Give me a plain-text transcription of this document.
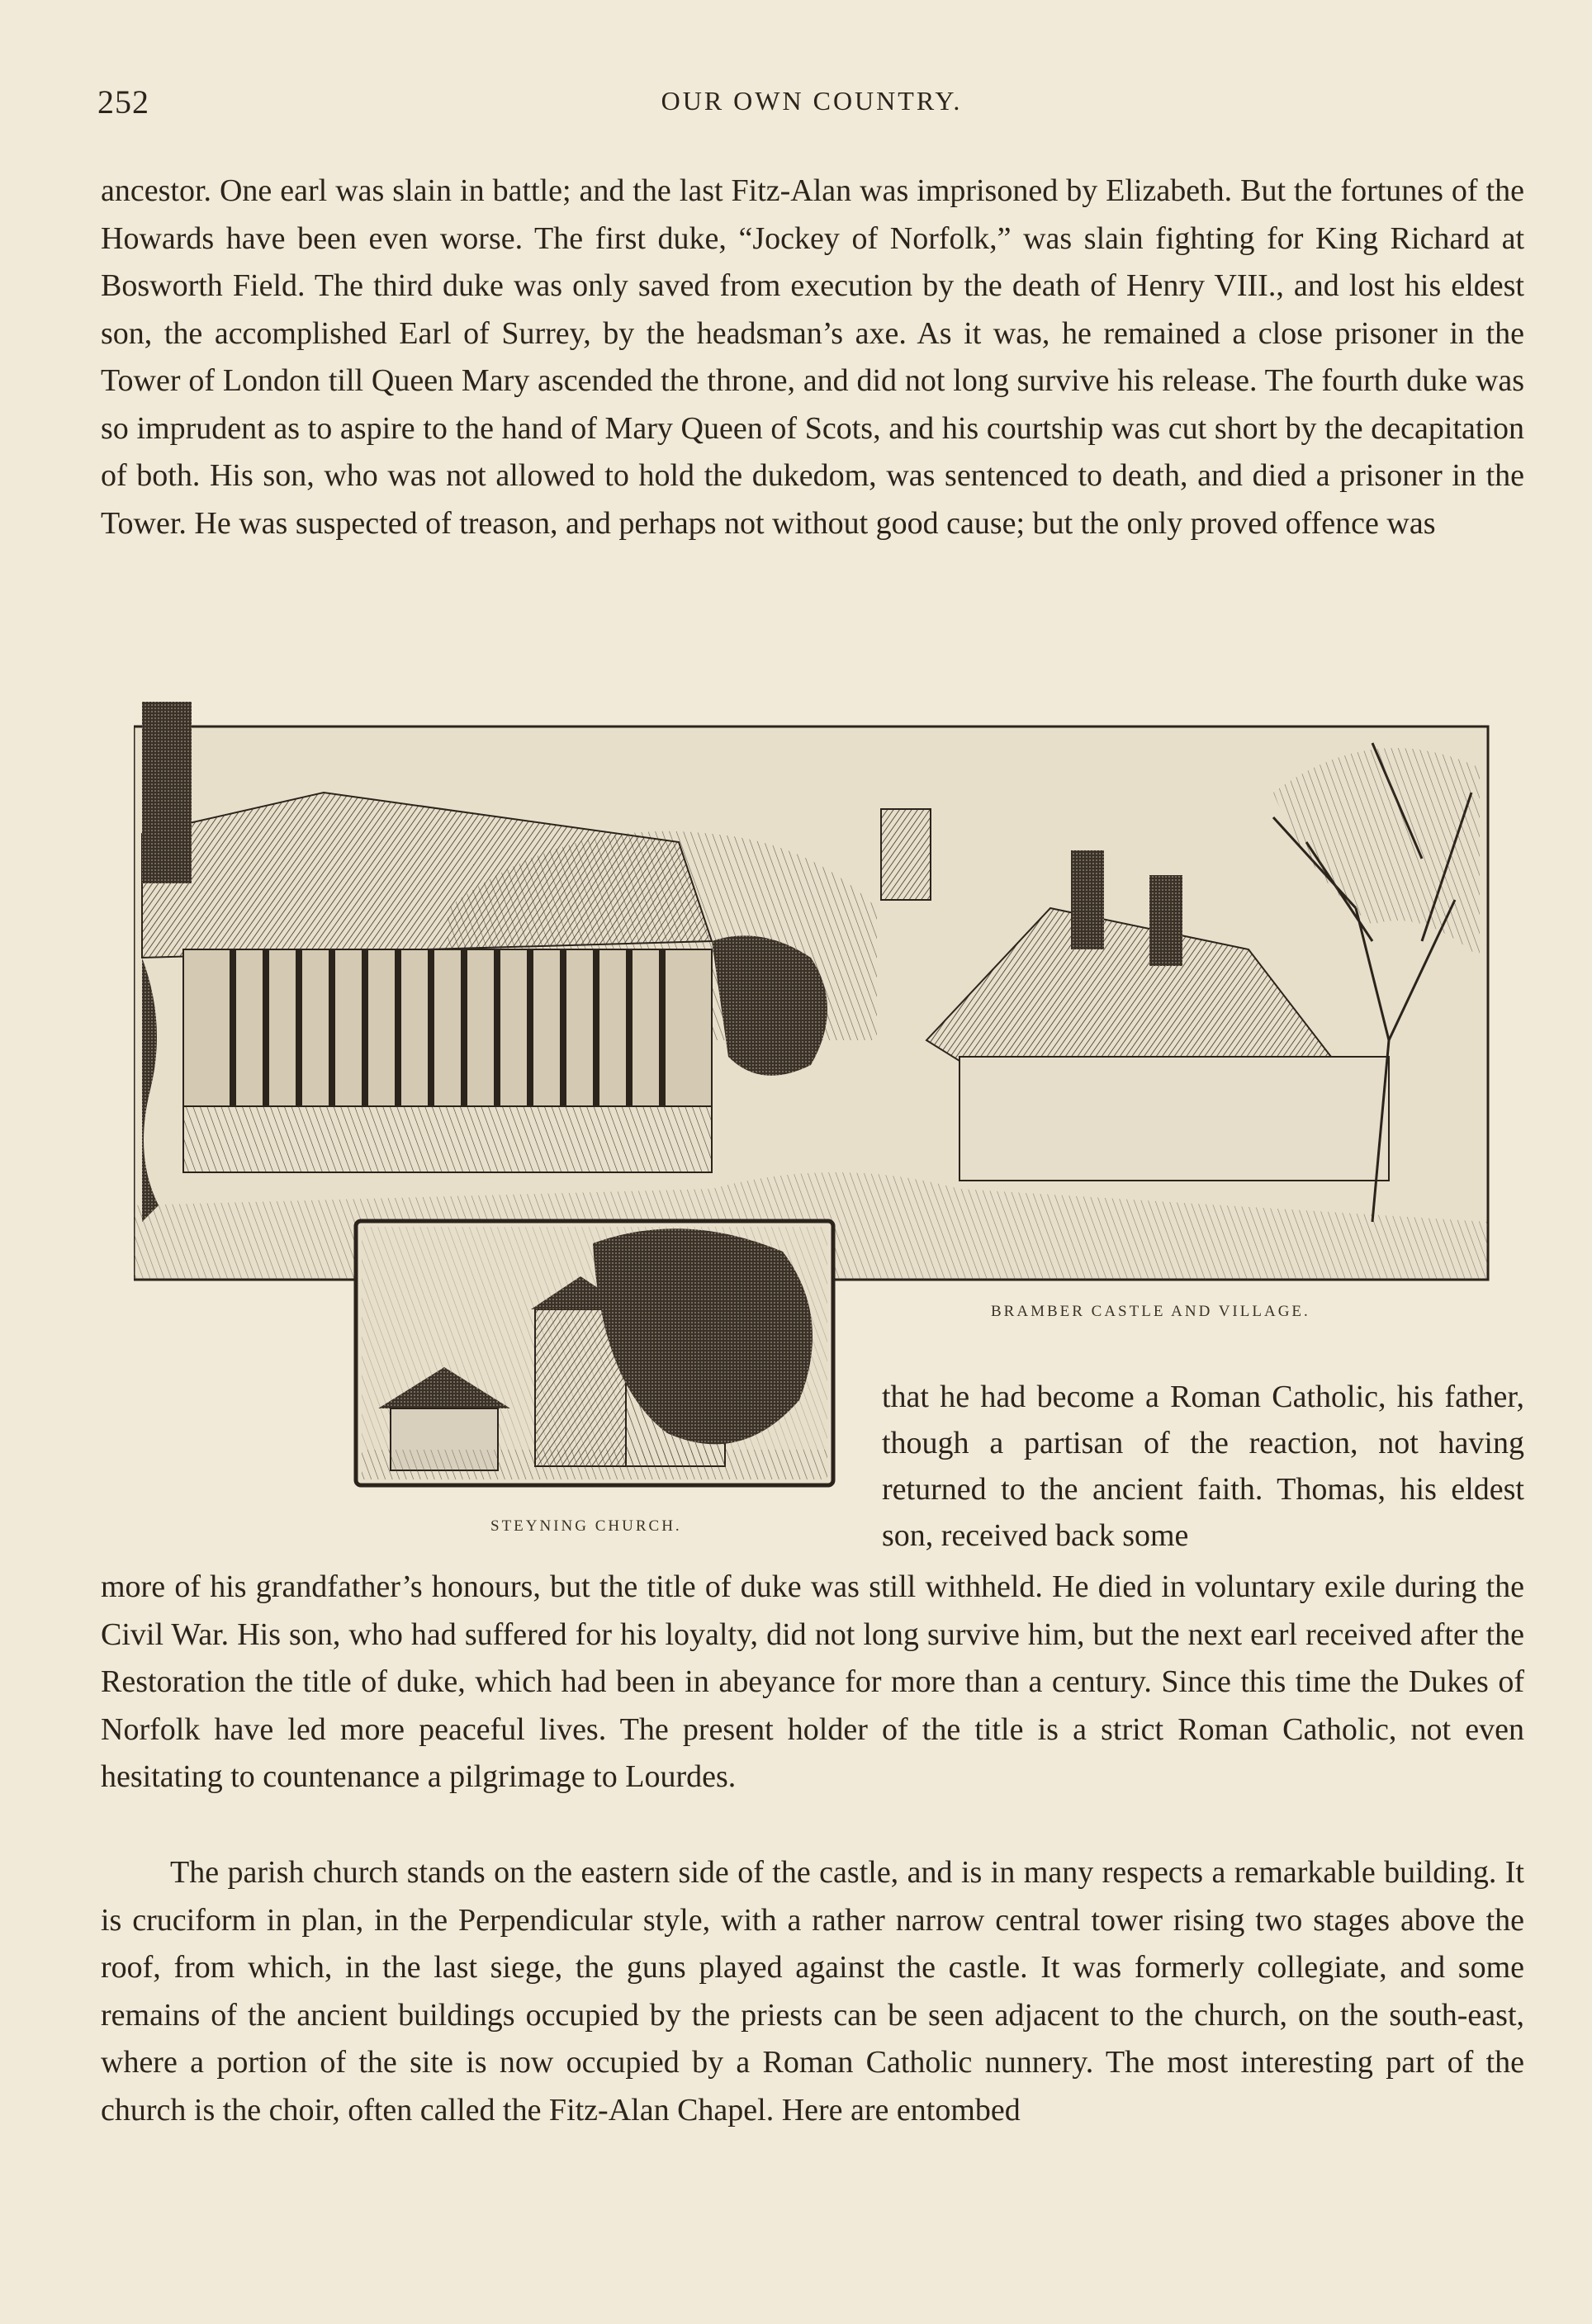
252	OUR OWN COUNTRY.

ancestor. One earl was slain in battle; and the last Fitz-Alan was imprisoned by Elizabeth. But the fortunes of the Howards have been even worse. The first duke, “Jockey of Norfolk,” was slain fighting for King Richard at Bosworth Field. The third duke was only saved from execution by the death of Henry VIII., and lost his eldest son, the accomplished Earl of Surrey, by the headsman’s axe. As it was, he remained a close prisoner in the Tower of London till Queen Mary ascended the throne, and did not long survive his release. The fourth duke was so imprudent as to aspire to the hand of Mary Queen of Scots, and his courtship was cut short by the decapitation of both. His son, who was not allowed to hold the dukedom, was sentenced to death, and died a prisoner in the Tower. He was suspected of treason, and perhaps not without good cause; but the only proved offence was

BRAMBER CASTLE AND VILLAGE.
STEYNING CHURCH.

that he had become a Roman Catholic, his father, though a partisan of the reaction, not having returned to the ancient faith. Thomas, his eldest son, received back some

more of his grandfather’s honours, but the title of duke was still withheld. He died in voluntary exile during the Civil War. His son, who had suffered for his loyalty, did not long survive him, but the next earl received after the Restoration the title of duke, which had been in abeyance for more than a century. Since this time the Dukes of Norfolk have led more peaceful lives. The present holder of the title is a strict Roman Catholic, not even hesitating to countenance a pilgrimage to Lourdes.

The parish church stands on the eastern side of the castle, and is in many respects a remarkable building. It is cruciform in plan, in the Perpendicular style, with a rather narrow central tower rising two stages above the roof, from which, in the last siege, the guns played against the castle. It was formerly collegiate, and some remains of the ancient buildings occupied by the priests can be seen adjacent to the church, on the south-east, where a portion of the site is now occupied by a Roman Catholic nunnery. The most interesting part of the church is the choir, often called the Fitz-Alan Chapel. Here are entombed
